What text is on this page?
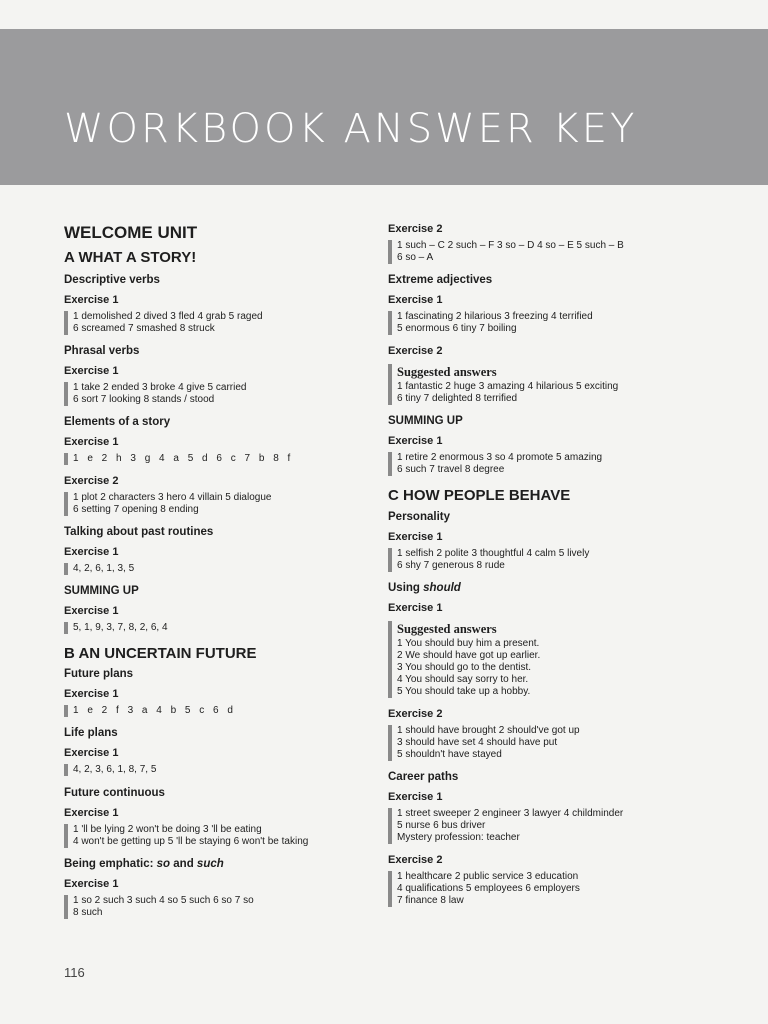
WORKBOOK ANSWER KEY
WELCOME UNIT
A WHAT A STORY!
Descriptive verbs
Exercise 1
1 demolished 2 dived 3 fled 4 grab 5 raged
6 screamed 7 smashed 8 struck
Phrasal verbs
Exercise 1
1 take 2 ended 3 broke 4 give 5 carried
6 sort 7 looking 8 stands / stood
Elements of a story
Exercise 1
1 e 2 h 3 g 4 a 5 d 6 c 7 b 8 f
Exercise 2
1 plot 2 characters 3 hero 4 villain 5 dialogue
6 setting 7 opening 8 ending
Talking about past routines
Exercise 1
4, 2, 6, 1, 3, 5
SUMMING UP
Exercise 1
5, 1, 9, 3, 7, 8, 2, 6, 4
B AN UNCERTAIN FUTURE
Future plans
Exercise 1
1 e 2 f 3 a 4 b 5 c 6 d
Life plans
Exercise 1
4, 2, 3, 6, 1, 8, 7, 5
Future continuous
Exercise 1
1 'll be lying 2 won't be doing 3 'll be eating
4 won't be getting up 5 'll be staying 6 won't be taking
Being emphatic: so and such
Exercise 1
1 so 2 such 3 such 4 so 5 such 6 so 7 so
8 such
Exercise 2
1 such – C 2 such – F 3 so – D 4 so – E 5 such – B
6 so – A
Extreme adjectives
Exercise 1
1 fascinating 2 hilarious 3 freezing 4 terrified
5 enormous 6 tiny 7 boiling
Exercise 2
Suggested answers
1 fantastic 2 huge 3 amazing 4 hilarious 5 exciting
6 tiny 7 delighted 8 terrified
SUMMING UP
Exercise 1
1 retire 2 enormous 3 so 4 promote 5 amazing
6 such 7 travel 8 degree
C HOW PEOPLE BEHAVE
Personality
Exercise 1
1 selfish 2 polite 3 thoughtful 4 calm 5 lively
6 shy 7 generous 8 rude
Using should
Exercise 1
Suggested answers
1 You should buy him a present.
2 We should have got up earlier.
3 You should go to the dentist.
4 You should say sorry to her.
5 You should take up a hobby.
Exercise 2
1 should have brought 2 should've got up
3 should have set 4 should have put
5 shouldn't have stayed
Career paths
Exercise 1
1 street sweeper 2 engineer 3 lawyer 4 childminder
5 nurse 6 bus driver
Mystery profession: teacher
Exercise 2
1 healthcare 2 public service 3 education
4 qualifications 5 employees 6 employers
7 finance 8 law
116
